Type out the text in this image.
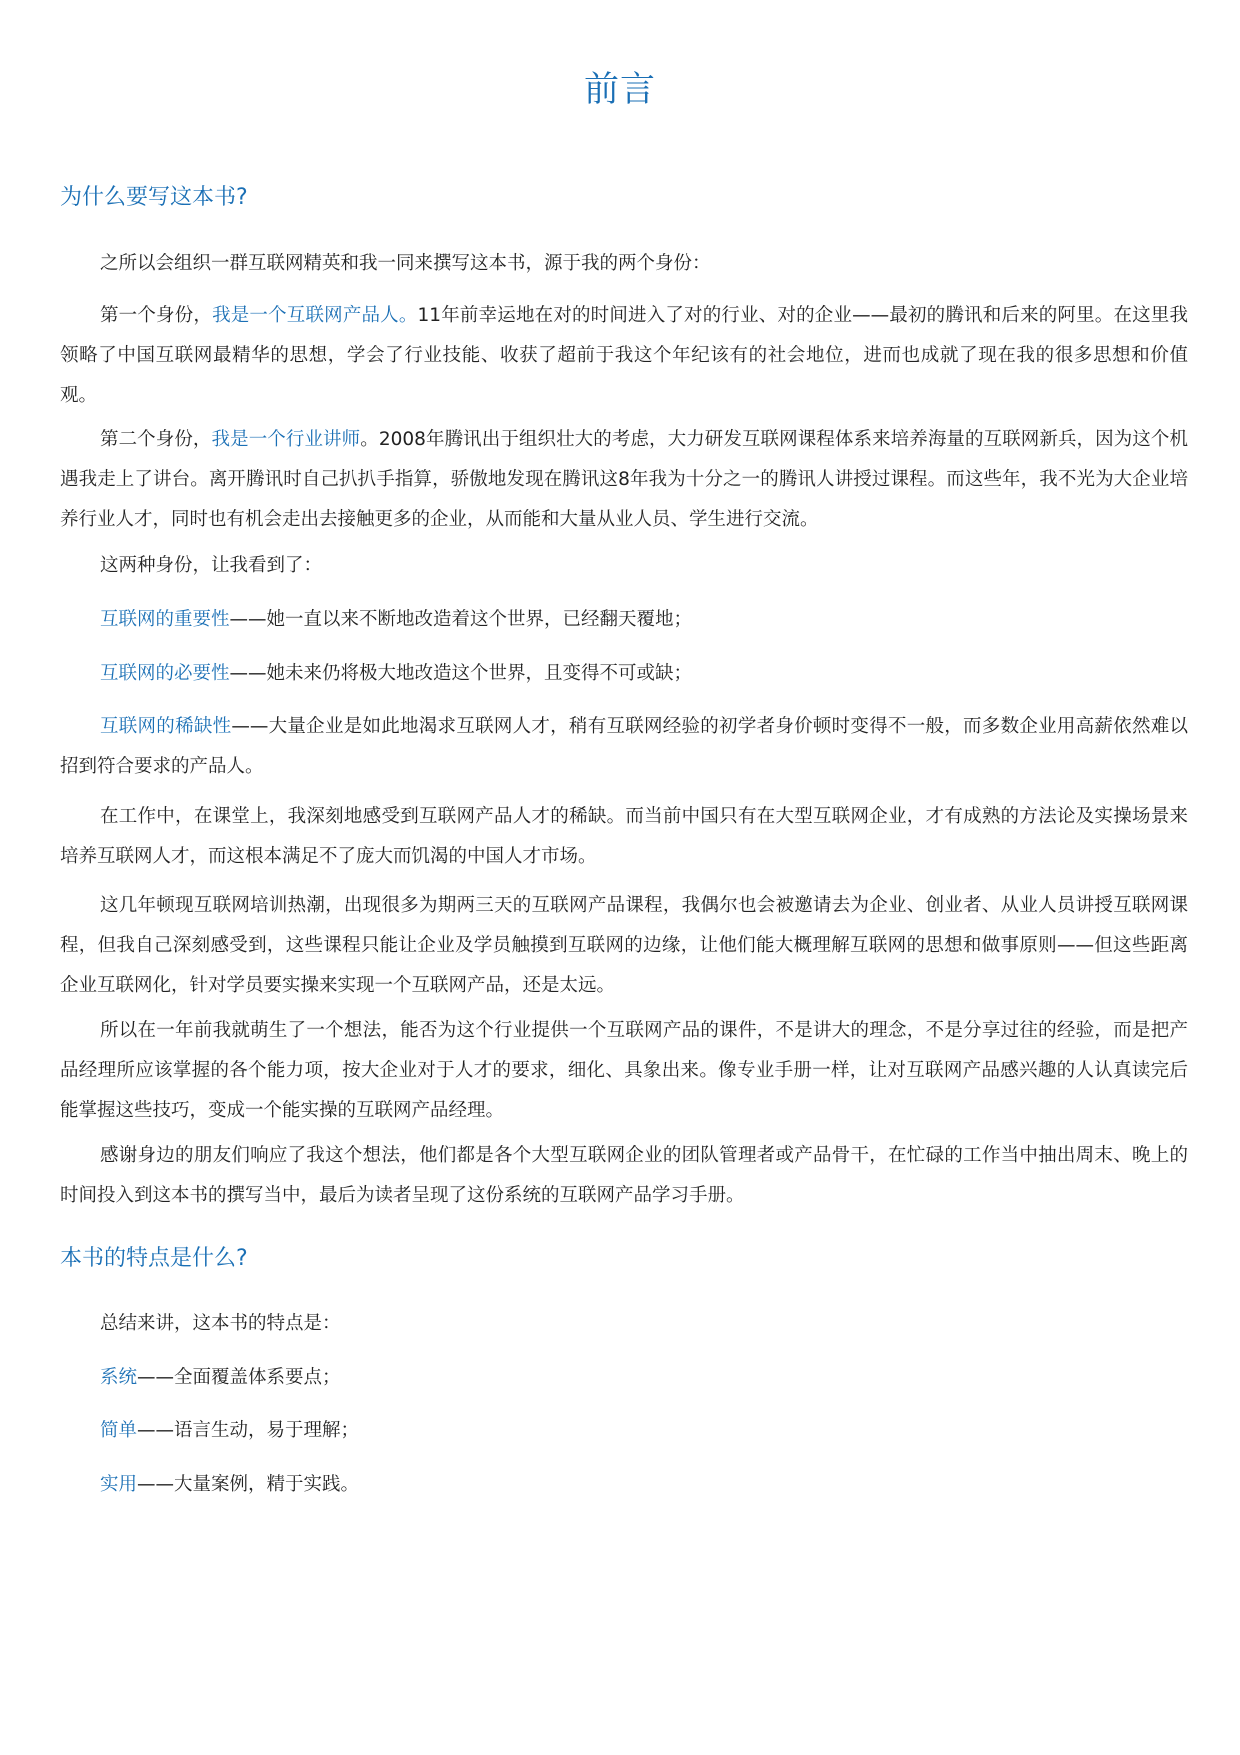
前言
为什么要写这本书?
之所以会组织一群互联网精英和我一同来撰写这本书，源于我的两个身份：
第一个身份，我是一个互联网产品人。11年前幸运地在对的时间进入了对的行业、对的企业——最初的腾讯和后来的阿里。在这里我领略了中国互联网最精华的思想，学会了行业技能、收获了超前于我这个年纪该有的社会地位，进而也成就了现在我的很多思想和价值观。
第二个身份，我是一个行业讲师。2008年腾讯出于组织壮大的考虑，大力研发互联网课程体系来培养海量的互联网新兵，因为这个机遇我走上了讲台。离开腾讯时自己扒扒手指算，骄傲地发现在腾讯这8年我为十分之一的腾讯人讲授过课程。而这些年，我不光为大企业培养行业人才，同时也有机会走出去接触更多的企业，从而能和大量从业人员、学生进行交流。
这两种身份，让我看到了：
互联网的重要性——她一直以来不断地改造着这个世界，已经翻天覆地；
互联网的必要性——她未来仍将极大地改造这个世界，且变得不可或缺；
互联网的稀缺性——大量企业是如此地渴求互联网人才，稍有互联网经验的初学者身价顿时变得不一般，而多数企业用高薪依然难以招到符合要求的产品人。
在工作中，在课堂上，我深刻地感受到互联网产品人才的稀缺。而当前中国只有在大型互联网企业，才有成熟的方法论及实操场景来培养互联网人才，而这根本满足不了庞大而饥渴的中国人才市场。
这几年顿现互联网培训热潮，出现很多为期两三天的互联网产品课程，我偶尔也会被邀请去为企业、创业者、从业人员讲授互联网课程，但我自己深刻感受到，这些课程只能让企业及学员触摸到互联网的边缘，让他们能大概理解互联网的思想和做事原则——但这些距离企业互联网化，针对学员要实操来实现一个互联网产品，还是太远。
所以在一年前我就萌生了一个想法，能否为这个行业提供一个互联网产品的课件，不是讲大的理念，不是分享过往的经验，而是把产品经理所应该掌握的各个能力项，按大企业对于人才的要求，细化、具象出来。像专业手册一样，让对互联网产品感兴趣的人认真读完后能掌握这些技巧，变成一个能实操的互联网产品经理。
感谢身边的朋友们响应了我这个想法，他们都是各个大型互联网企业的团队管理者或产品骨干，在忙碌的工作当中抽出周末、晚上的时间投入到这本书的撰写当中，最后为读者呈现了这份系统的互联网产品学习手册。
本书的特点是什么?
总结来讲，这本书的特点是：
系统——全面覆盖体系要点；
简单——语言生动，易于理解；
实用——大量案例，精于实践。
